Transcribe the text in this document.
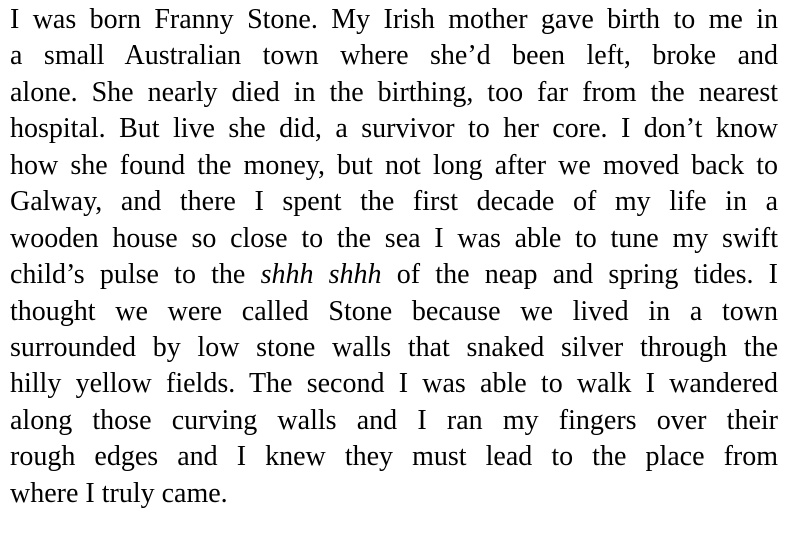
I was born Franny Stone. My Irish mother gave birth to me in
a small Australian town where she’d been left, broke and
alone. She nearly died in the birthing, too far from the nearest
hospital. But live she did, a survivor to her core. I don’t know
how she found the money, but not long after we moved back to
Galway, and there I spent the first decade of my life in a
wooden house so close to the sea I was able to tune my swift
child’s pulse to the shhh shhh of the neap and spring tides. I
thought we were called Stone because we lived in a town
surrounded by low stone walls that snaked silver through the
hilly yellow fields. The second I was able to walk I wandered
along those curving walls and I ran my fingers over their
rough edges and I knew they must lead to the place from
where I truly came.
